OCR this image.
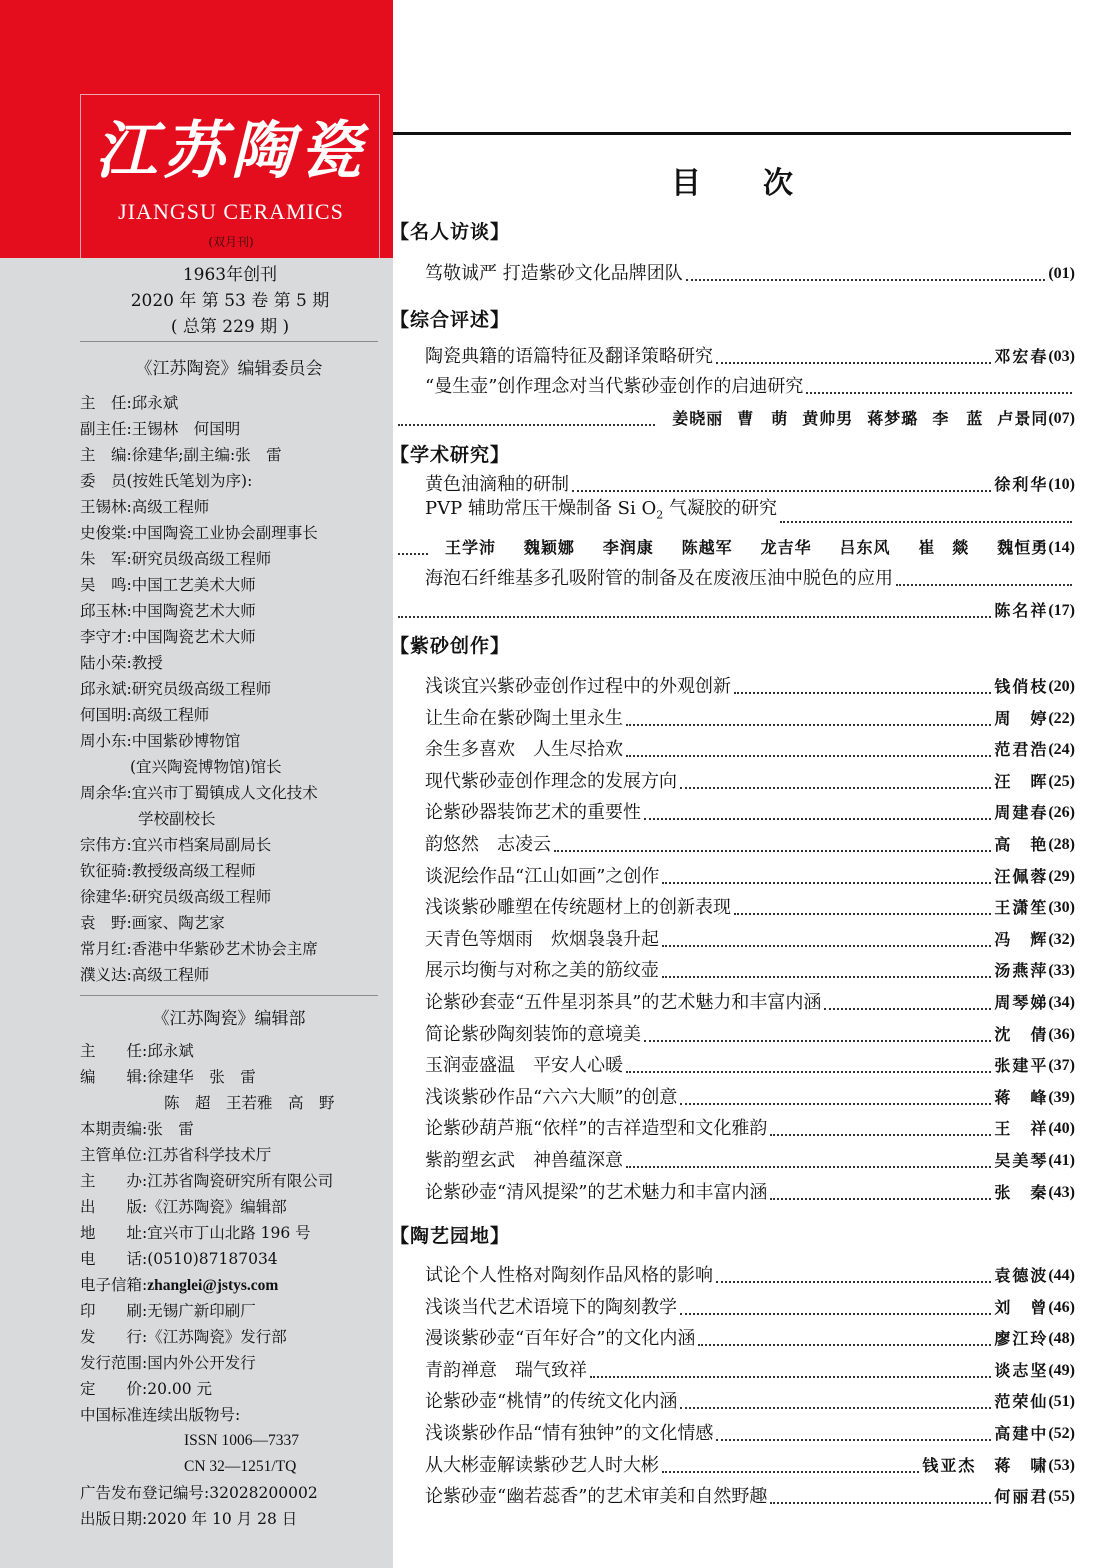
江苏陶瓷
JIANGSU CERAMICS
(双月刊)
1963年创刊
2020 年 第 53 卷 第 5 期
( 总第 229 期 )
《江苏陶瓷》编辑委员会
主　任:邱永斌
副主任:王锡林　何国明
主　编:徐建华;副主编:张　雷
委　员(按姓氏笔划为序):
王锡林:高级工程师
史俊棠:中国陶瓷工业协会副理事长
朱　军:研究员级高级工程师
吴　鸣:中国工艺美术大师
邱玉林:中国陶瓷艺术大师
李守才:中国陶瓷艺术大师
陆小荣:教授
邱永斌:研究员级高级工程师
何国明:高级工程师
周小东:中国紫砂博物馆
(宜兴陶瓷博物馆)馆长
周余华:宜兴市丁蜀镇成人文化技术
学校副校长
宗伟方:宜兴市档案局副局长
钦征骑:教授级高级工程师
徐建华:研究员级高级工程师
袁　野:画家、陶艺家
常月红:香港中华紫砂艺术协会主席
濮义达:高级工程师
《江苏陶瓷》编辑部
主　　任:邱永斌
编　　辑:徐建华　张　雷
陈　超　王若雅　高　野
本期责编:张　雷
主管单位:江苏省科学技术厅
主　　办:江苏省陶瓷研究所有限公司
出　　版:《江苏陶瓷》编辑部
地　　址:宜兴市丁山北路 196 号
电　　话:(0510)87187034
电子信箱:zhanglei@jstys.com
印　　刷:无锡广新印刷厂
发　　行:《江苏陶瓷》发行部
发行范围:国内外公开发行
定　　价:20.00 元
中国标准连续出版物号:
ISSN 1006—7337
CN 32—1251/TQ
广告发布登记编号:32028200002
出版日期:2020 年 10 月 28 日
目次
【名人访谈】
笃敬诚严 打造紫砂文化品牌团队	(01)
【综合评述】
陶瓷典籍的语篇特征及翻译策略研究	邓宏春 (03)
“曼生壶”创作理念对当代紫砂壶创作的启迪研究
姜晓丽 曹　萌 黄帅男 蒋梦璐 李　蓝 卢景同 (07)
【学术研究】
黄色油滴釉的研制	徐利华 (10)
PVP 辅助常压干燥制备 Si $O_2$ 气凝胶的研究
王学沛 魏颖娜 李润康 陈越军 龙吉华 吕东风 崔　燚 魏恒勇 (14)
海泡石纤维基多孔吸附管的制备及在废液压油中脱色的应用
陈名祥 (17)
【紫砂创作】
浅谈宜兴紫砂壶创作过程中的外观创新	钱俏枝 (20)
让生命在紫砂陶土里永生	周　婷 (22)
余生多喜欢　人生尽拾欢	范君浩 (24)
现代紫砂壶创作理念的发展方向	汪　晖 (25)
论紫砂器装饰艺术的重要性	周建春 (26)
韵悠然　志凌云	高　艳 (28)
谈泥绘作品“江山如画”之创作	汪佩蓉 (29)
浅谈紫砂雕塑在传统题材上的创新表现	王潇笙 (30)
天青色等烟雨　炊烟袅袅升起	冯　辉 (32)
展示均衡与对称之美的筋纹壶	汤燕萍 (33)
论紫砂套壶“五件星羽茶具”的艺术魅力和丰富内涵	周琴娣 (34)
简论紫砂陶刻装饰的意境美	沈　倩 (36)
玉润壶盛温　平安人心暖	张建平 (37)
浅谈紫砂作品“六六大顺”的创意	蒋　峰 (39)
论紫砂葫芦瓶“依样”的吉祥造型和文化雅韵	王　祥 (40)
紫韵塑玄武　神兽蕴深意	吴美琴 (41)
论紫砂壶“清风提梁”的艺术魅力和丰富内涵	张　秦 (43)
【陶艺园地】
试论个人性格对陶刻作品风格的影响	袁德波 (44)
浅谈当代艺术语境下的陶刻教学	刘　曾 (46)
漫谈紫砂壶“百年好合”的文化内涵	廖江玲 (48)
青韵禅意　瑞气致祥	谈志坚 (49)
论紫砂壶“桃情”的传统文化内涵	范荣仙 (51)
浅谈紫砂作品“情有独钟”的文化情感	高建中 (52)
从大彬壶解读紫砂艺人时大彬	钱亚杰　蒋　啸 (53)
论紫砂壶“幽若蕊香”的艺术审美和自然野趣	何丽君 (55)
